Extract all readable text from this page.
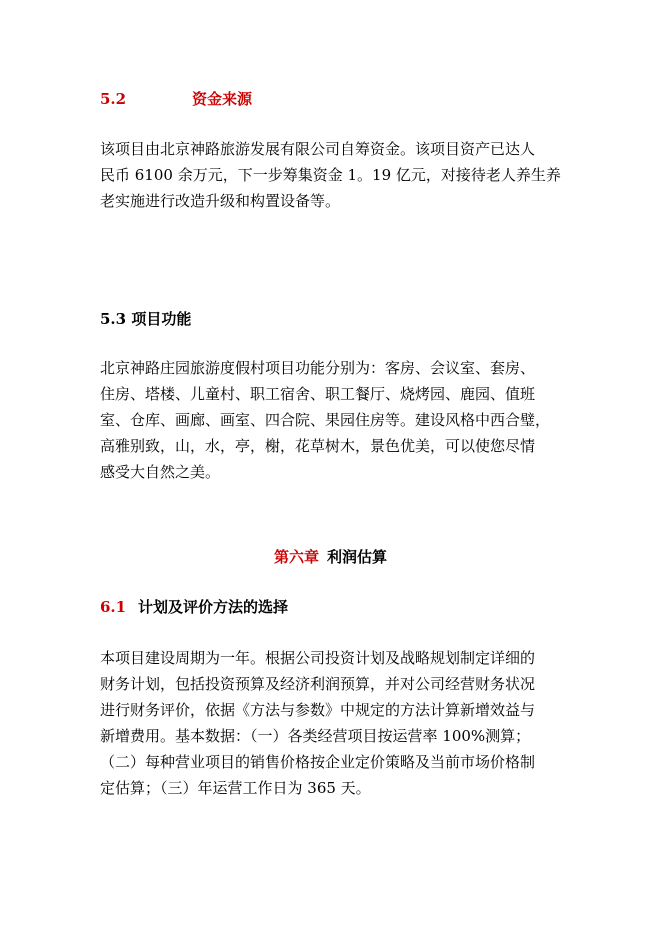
5.2	资金来源
该项目由北京神路旅游发展有限公司自筹资金。该项目资产已达人
民币 6100 余万元，下一步筹集资金 1。19 亿元，对接待老人养生养
老实施进行改造升级和构置设备等。
5.3 项目功能
北京神路庄园旅游度假村项目功能分别为：客房、会议室、套房、
住房、塔楼、儿童村、职工宿舍、职工餐厅、烧烤园、鹿园、值班
室、仓库、画廊、画室、四合院、果园住房等。建设风格中西合璧，
高雅别致，山，水，亭，榭，花草树木，景色优美，可以使您尽情
感受大自然之美。
第六章 利润估算
6.1 计划及评价方法的选择
本项目建设周期为一年。根据公司投资计划及战略规划制定详细的
财务计划，包括投资预算及经济利润预算，并对公司经营财务状况
进行财务评价，依据《方法与参数》中规定的方法计算新增效益与
新增费用。基本数据：（一）各类经营项目按运营率 100%测算；
（二）每种营业项目的销售价格按企业定价策略及当前市场价格制
定估算；（三）年运营工作日为 365 天。
